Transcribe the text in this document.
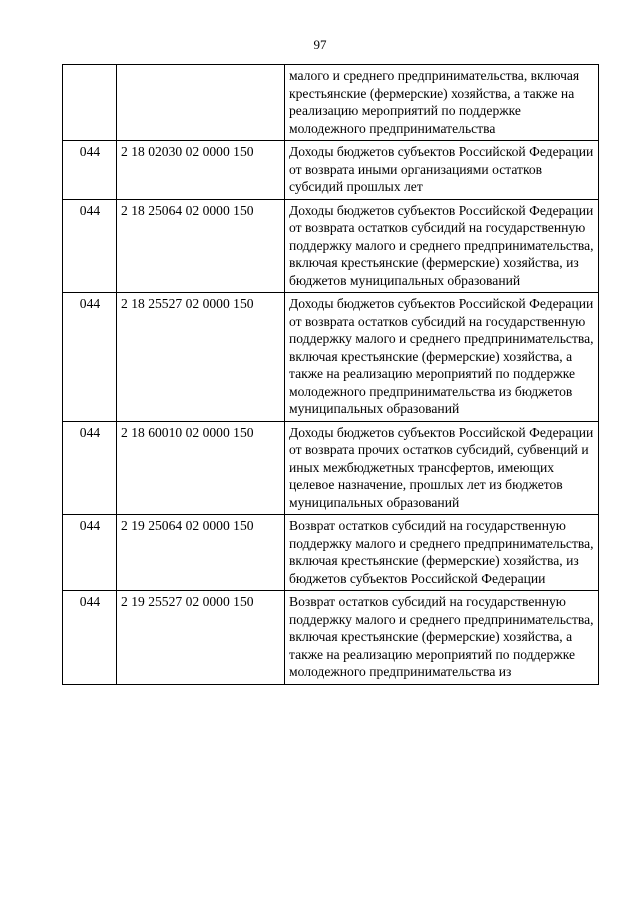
97
		малого и среднего предпринимательства, включая крестьянские (фермерские) хозяйства, а также на реализацию мероприятий по поддержке молодежного предпринимательства
044	2 18 02030 02 0000 150	Доходы бюджетов субъектов Российской Федерации от возврата иными организациями остатков субсидий прошлых лет
044	2 18 25064 02 0000 150	Доходы бюджетов субъектов Российской Федерации от возврата остатков субсидий на государственную поддержку малого и среднего предпринимательства, включая крестьянские (фермерские) хозяйства, из бюджетов муниципальных образований
044	2 18 25527 02 0000 150	Доходы бюджетов субъектов Российской Федерации от возврата остатков субсидий на государственную поддержку малого и среднего предпринимательства, включая крестьянские (фермерские) хозяйства, а также на реализацию мероприятий по поддержке молодежного предпринимательства из бюджетов муниципальных образований
044	2 18 60010 02 0000 150	Доходы бюджетов субъектов Российской Федерации от возврата прочих остатков субсидий, субвенций и иных межбюджетных трансфертов, имеющих целевое назначение, прошлых лет из бюджетов муниципальных образований
044	2 19 25064 02 0000 150	Возврат остатков субсидий на государственную поддержку малого и среднего предпринимательства, включая крестьянские (фермерские) хозяйства, из бюджетов субъектов Российской Федерации
044	2 19 25527 02 0000 150	Возврат остатков субсидий на государственную поддержку малого и среднего предпринимательства, включая крестьянские (фермерские) хозяйства, а также на реализацию мероприятий по поддержке молодежного предпринимательства из
